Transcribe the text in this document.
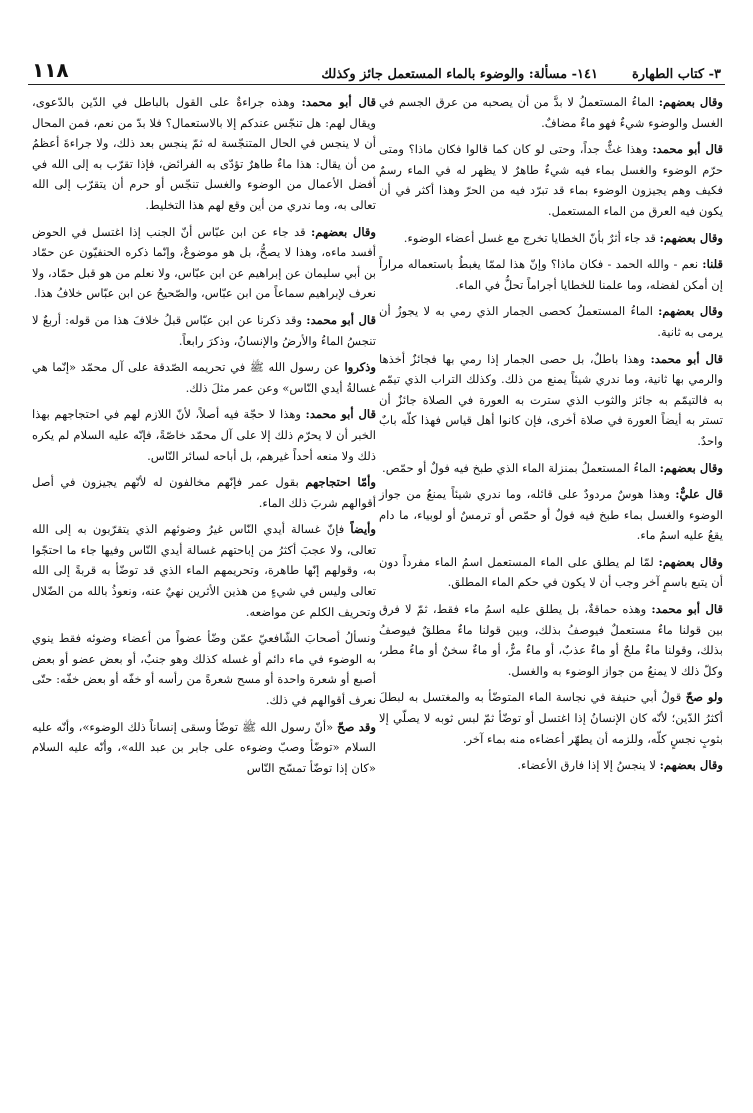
٣- كتاب الطهارة
١٤١- مسألة: والوضوء بالماء المستعمل جائز وكذلك
١١٨

وقال بعضهم: الماءُ المستعملُ لا بدَّ من أن يصحبه من عرق الجسم في الغسل والوضوء شيءٌ فهو ماءٌ مضافٌ.

قال أبو محمد: وهذا غثٌّ جداً، وحتى لو كان كما قالوا فكان ماذا؟ ومتى حرّم الوضوء والغسل بماء فيه شيءٌ طاهرٌ لا يظهر له في الماء رسمٌ فكيف وهم يجيزون الوضوء بماء قد تبرّد فيه من الحرّ وهذا أكثر في أن يكون فيه العرق من الماء المستعمل.

وقال بعضهم: قد جاء أثرٌ بأنّ الخطايا تخرج مع غسل أعضاء الوضوء.

قلنا: نعم - والله الحمد - فكان ماذا؟ وإنّ هذا لممّا يغبطُ باستعماله مراراً إن أمكن لفضله، وما علمنا للخطايا أجراماً تحلُّ في الماء.

وقال بعضهم: الماءُ المستعملُ كحصى الجمار الذي رمي به لا يجوزُ أن يرمى به ثانية.

قال أبو محمد: وهذا باطلٌ، بل حصى الجمار إذا رمي بها فجائزٌ أخذها والرمي بها ثانية، وما ندري شيئاً يمنع من ذلك. وكذلك التراب الذي تيمّم به فالتيمّم به جائز والثوب الذي سترت به العورة في الصلاة جائزٌ أن تستر به أيضاً العورة في صلاة أخرى، فإن كانوا أهل قياس فهذا كلّه بابٌ واحدٌ.

وقال بعضهم: الماءُ المستعملُ بمنزلة الماء الذي طبخ فيه فولٌ أو حمّص.

قال عليٌّ: وهذا هوسٌ مردودٌ على قائله، وما ندري شيئاً يمنعُ من جواز الوضوء والغسل بماء طبخ فيه فولٌ أو حمّص أو ترمسٌ أو لوبياء، ما دام يقعُ عليه اسمُ ماء.

وقال بعضهم: لمّا لم يطلق على الماء المستعمل اسمُ الماء مفرداً دون أن يتبع باسمٍ آخر وجب أن لا يكون في حكم الماء المطلق.

قال أبو محمد: وهذه حماقةٌ، بل يطلق عليه اسمُ ماء فقط، ثمّ لا فرق بين قولنا ماءٌ مستعملٌ فيوصفُ بذلك، وبين قولنا ماءٌ مطلقٌ فيوصفُ بذلك، وقولنا ماءٌ ملحٌ أو ماءٌ عذبٌ، أو ماءٌ مرٌّ، أو ماءٌ سخنٌ أو ماءُ مطر، وكلّ ذلك لا يمنعُ من جواز الوضوء به والغسل.

ولو صحّ قولُ أبي حنيفة في نجاسة الماء المتوضّأ به والمغتسل به لبطلَ أكثرُ الدّين؛ لأنّه كان الإنسانُ إذا اغتسل أو توضّأ ثمّ لبس ثوبه لا يصلّي إلا بثوبٍ نجسٍ كلّه، وللزمه أن يطهّر أعضاءه منه بماء آخر.

وقال بعضهم: لا ينجسُ إلا إذا فارق الأعضاء.

قال أبو محمد: وهذه جراءةٌ على القول بالباطل في الدّين بالدّعوى، ويقال لهم: هل تنجّس عندكم إلا بالاستعمال؟ فلا بدّ من نعم، فمن المحال أن لا ينجس في الحال المتنجّسة له ثمّ ينجس بعد ذلك، ولا جراءةَ أعظمُ من أن يقال: هذا ماءٌ طاهرٌ تؤدّى به الفرائض، فإذا تقرّب به إلى الله في أفضل الأعمال من الوضوء والغسل تنجّس أو حرم أن يتقرّب إلى الله تعالى به، وما ندري من أين وقع لهم هذا التخليط.

وقال بعضهم: قد جاء عن ابن عبّاس أنّ الجنب إذا اغتسل في الحوض أفسد ماءه، وهذا لا يصحُّ، بل هو موضوعٌ، وإنّما ذكره الحنفيّون عن حمّاد بن أبي سليمان عن إبراهيم عن ابن عبّاس، ولا نعلم من هو قبل حمّاد، ولا نعرف لإبراهيم سماعاً من ابن عبّاس، والصّحيحُ عن ابن عبّاس خلافُ هذا.

قال أبو محمد: وقد ذكرنا عن ابن عبّاس قبلُ خلافَ هذا من قوله: أربعٌ لا تنجسُ الماءُ والأرضُ والإنسانُ، وذكرَ رابعاً.

وذكروا عن رسول الله ﷺ في تحريمه الصّدقة على آل محمّد «إنّما هي غسالةُ أيدي النّاس» وعن عمر مثلَ ذلك.

قال أبو محمد: وهذا لا حجّة فيه أصلاً، لأنّ اللازم لهم في احتجاجهم بهذا الخبر أن لا يحرّم ذلك إلا على آل محمّد خاصّةً، فإنّه عليه السلام لم يكره ذلك ولا منعه أحداً غيرهم، بل أباحه لسائر النّاس.

وأمّا احتجاجهم بقول عمر فإنّهم مخالفون له لأنّهم يجيزون في أصل أقوالهم شربَ ذلك الماء.

وأيضاً فإنّ غسالة أيدي النّاس غيرُ وضوئهم الذي يتقرّبون به إلى الله تعالى، ولا عجبَ أكثرُ من إباحتهم غسالة أيدي النّاس وفيها جاء ما احتجّوا به، وقولهم إنّها طاهرة، وتحريمهم الماء الذي قد توضّأ به قربةً إلى الله تعالى وليس في شيءٍ من هذين الأثرين نهيٌ عنه، ونعوذُ بالله من الضّلال وتحريف الكلم عن مواضعه.

ونسألُ أصحابَ الشّافعيّ عمّن وضّأ عضواً من أعضاء وضوئه فقط ينوي به الوضوء في ماء دائم أو غسله كذلك وهو جنبٌ، أو بعض عضو أو بعض أصبع أو شعرة واحدة أو مسح شعرةً من رأسه أو خفّه أو بعض خفّه: حتّى نعرف أقوالهم في ذلك.

وقد صحّ «أنّ رسول الله ﷺ توضّأ وسقى إنساناً ذلك الوضوء»، وأنّه عليه السلام «توضّأ وصبّ وضوءه على جابر بن عبد الله»، وأنّه عليه السلام «كان إذا توضّأ تمسّح النّاس
